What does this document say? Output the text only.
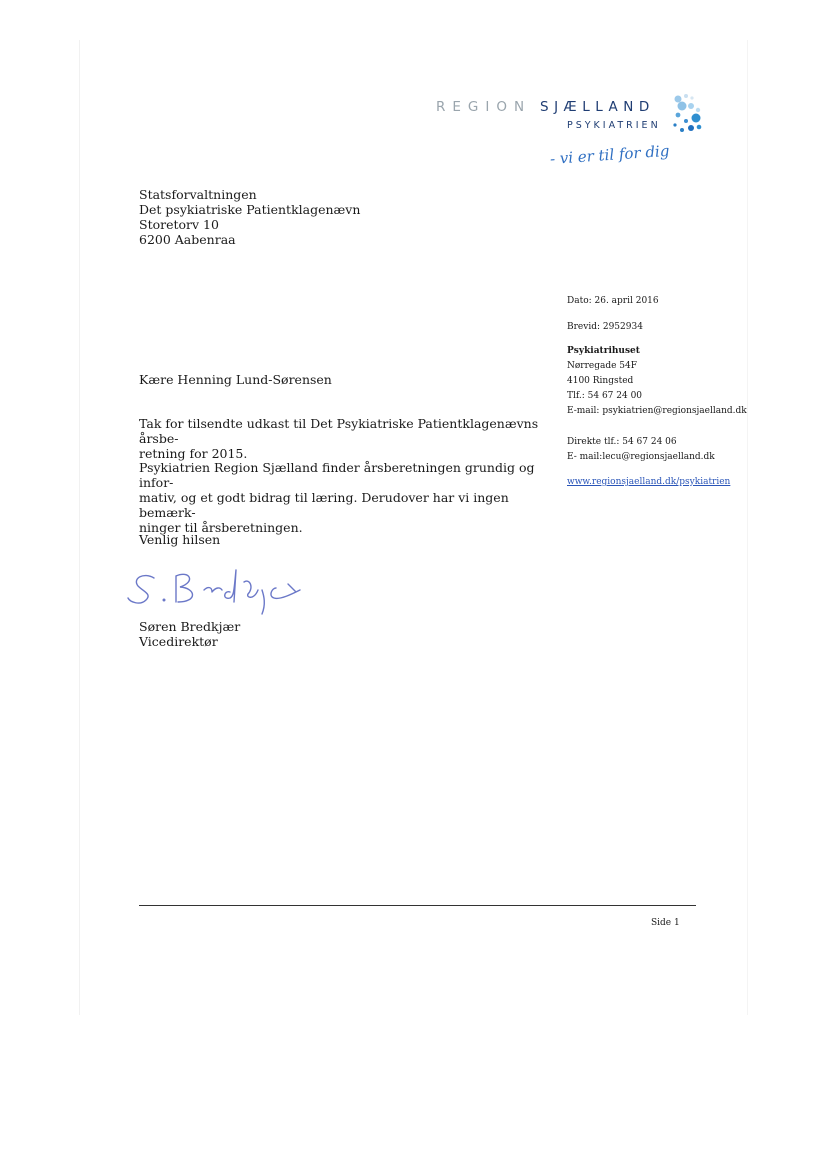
REGION SJÆLLAND
PSYKIATRIEN
- vi er til for dig
Statsforvaltningen
Det psykiatriske Patientklagenævn
Storetorv 10
6200 Aabenraa
Dato: 26. april 2016
Brevid: 2952934
Psykiatrihuset
Nørregade 54F
4100 Ringsted
Tlf.: 54 67 24 00
E-mail: psykiatrien@regionsjaelland.dk
Direkte tlf.: 54 67 24 06
E- mail:lecu@regionsjaelland.dk
www.regionsjaelland.dk/psykiatrien
Kære Henning Lund-Sørensen
Tak for tilsendte udkast til Det Psykiatriske Patientklagenævns årsbe-
retning for 2015.
Psykiatrien Region Sjælland finder årsberetningen grundig og infor-
mativ, og et godt bidrag til læring. Derudover har vi ingen bemærk-
ninger til årsberetningen.
Venlig hilsen
Søren Bredkjær
Vicedirektør
Side 1
